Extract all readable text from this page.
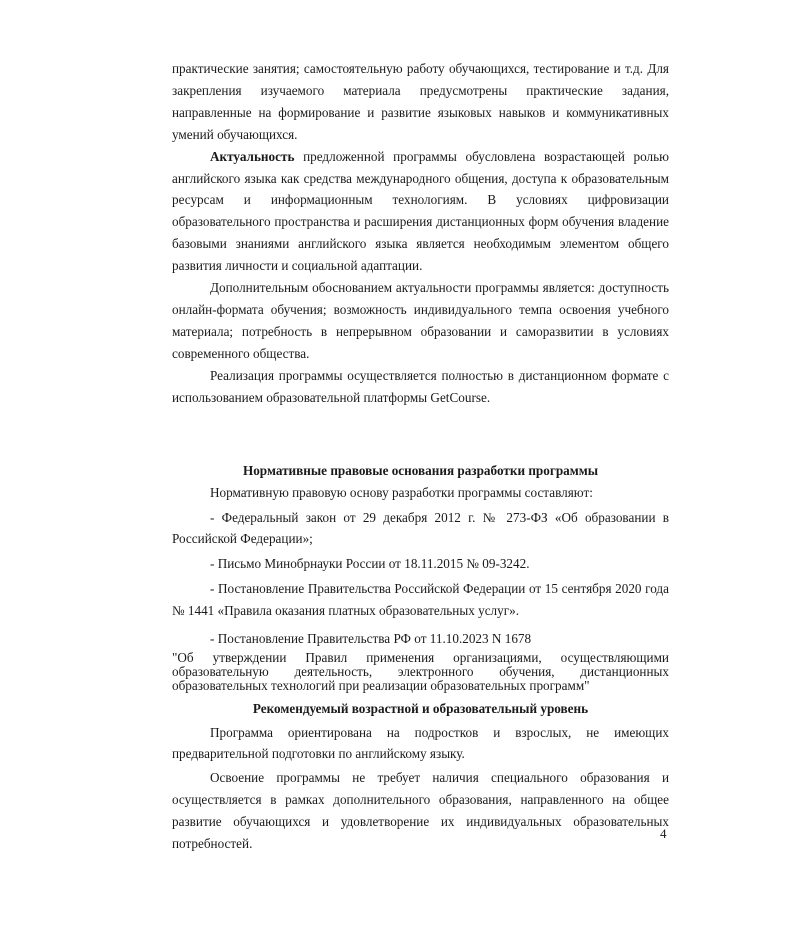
практические занятия; самостоятельную работу обучающихся, тестирование и т.д. Для закрепления изучаемого материала предусмотрены практические задания, направленные на формирование и развитие языковых навыков и коммуникативных умений обучающихся.

Актуальность предложенной программы обусловлена возрастающей ролью английского языка как средства международного общения, доступа к образовательным ресурсам и информационным технологиям. В условиях цифровизации образовательного пространства и расширения дистанционных форм обучения владение базовыми знаниями английского языка является необходимым элементом общего развития личности и социальной адаптации.

Дополнительным обоснованием актуальности программы является: доступность онлайн-формата обучения; возможность индивидуального темпа освоения учебного материала; потребность в непрерывном образовании и саморазвитии в условиях современного общества.

Реализация программы осуществляется полностью в дистанционном формате с использованием образовательной платформы GetCourse.

Нормативные правовые основания разработки программы

Нормативную правовую основу разработки программы составляют:

- Федеральный закон от 29 декабря 2012 г. № 273-ФЗ «Об образовании в Российской Федерации»;

- Письмо Минобрнауки России от 18.11.2015 № 09-3242.

- Постановление Правительства Российской Федерации от 15 сентября 2020 года № 1441 «Правила оказания платных образовательных услуг».

- Постановление Правительства РФ от 11.10.2023 N 1678

"Об утверждении Правил применения организациями, осуществляющими образовательную деятельность, электронного обучения, дистанционных образовательных технологий при реализации образовательных программ"

Рекомендуемый возрастной и образовательный уровень

Программа ориентирована на подростков и взрослых, не имеющих предварительной подготовки по английскому языку.

Освоение программы не требует наличия специального образования и осуществляется в рамках дополнительного образования, направленного на общее развитие обучающихся и удовлетворение их индивидуальных образовательных потребностей.

4
